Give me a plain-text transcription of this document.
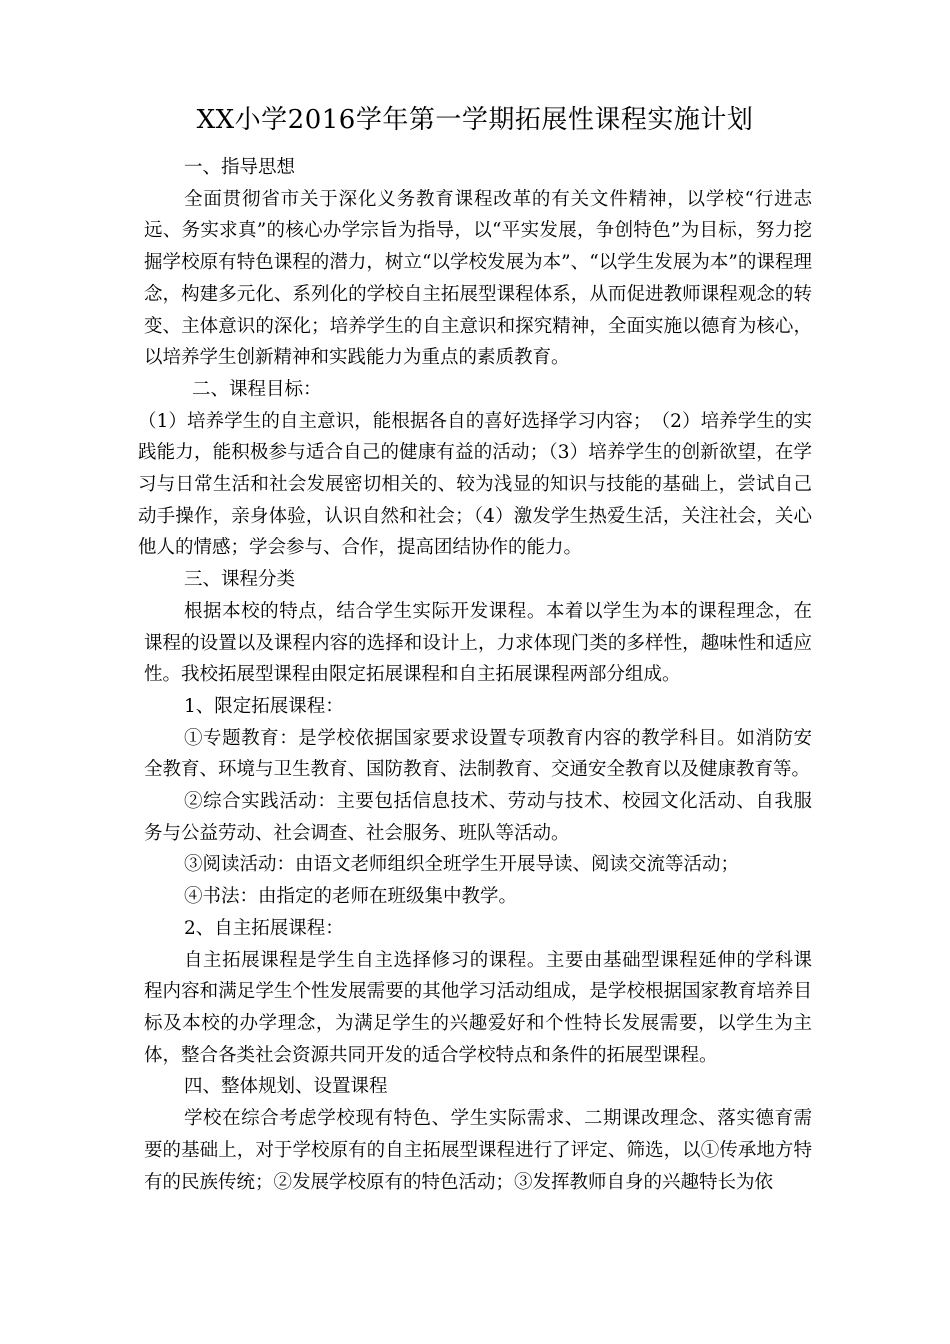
XX小学2016学年第一学期拓展性课程实施计划

一、指导思想

全面贯彻省市关于深化义务教育课程改革的有关文件精神，以学校“行进志远、务实求真”的核心办学宗旨为指导，以“平实发展，争创特色”为目标，努力挖掘学校原有特色课程的潜力，树立“以学校发展为本”、“以学生发展为本”的课程理念，构建多元化、系列化的学校自主拓展型课程体系，从而促进教师课程观念的转变、主体意识的深化；培养学生的自主意识和探究精神，全面实施以德育为核心，以培养学生创新精神和实践能力为重点的素质教育。

二、课程目标：

（1）培养学生的自主意识，能根据各自的喜好选择学习内容；　（2）培养学生的实践能力，能积极参与适合自己的健康有益的活动；（3）培养学生的创新欲望，在学习与日常生活和社会发展密切相关的、较为浅显的知识与技能的基础上，尝试自己动手操作，亲身体验，认识自然和社会；（4）激发学生热爱生活，关注社会，关心他人的情感；学会参与、合作，提高团结协作的能力。

三、课程分类

根据本校的特点，结合学生实际开发课程。本着以学生为本的课程理念，在课程的设置以及课程内容的选择和设计上，力求体现门类的多样性，趣味性和适应性。我校拓展型课程由限定拓展课程和自主拓展课程两部分组成。

1、限定拓展课程：

①专题教育：是学校依据国家要求设置专项教育内容的教学科目。如消防安全教育、环境与卫生教育、国防教育、法制教育、交通安全教育以及健康教育等。

②综合实践活动：主要包括信息技术、劳动与技术、校园文化活动、自我服务与公益劳动、社会调查、社会服务、班队等活动。

③阅读活动：由语文老师组织全班学生开展导读、阅读交流等活动；

④书法：由指定的老师在班级集中教学。

2、自主拓展课程：

自主拓展课程是学生自主选择修习的课程。主要由基础型课程延伸的学科课程内容和满足学生个性发展需要的其他学习活动组成，是学校根据国家教育培养目标及本校的办学理念，为满足学生的兴趣爱好和个性特长发展需要，以学生为主体，整合各类社会资源共同开发的适合学校特点和条件的拓展型课程。

四、整体规划、设置课程

学校在综合考虑学校现有特色、学生实际需求、二期课改理念、落实德育需要的基础上，对于学校原有的自主拓展型课程进行了评定、筛选，以①传承地方特有的民族传统；②发展学校原有的特色活动；③发挥教师自身的兴趣特长为依
